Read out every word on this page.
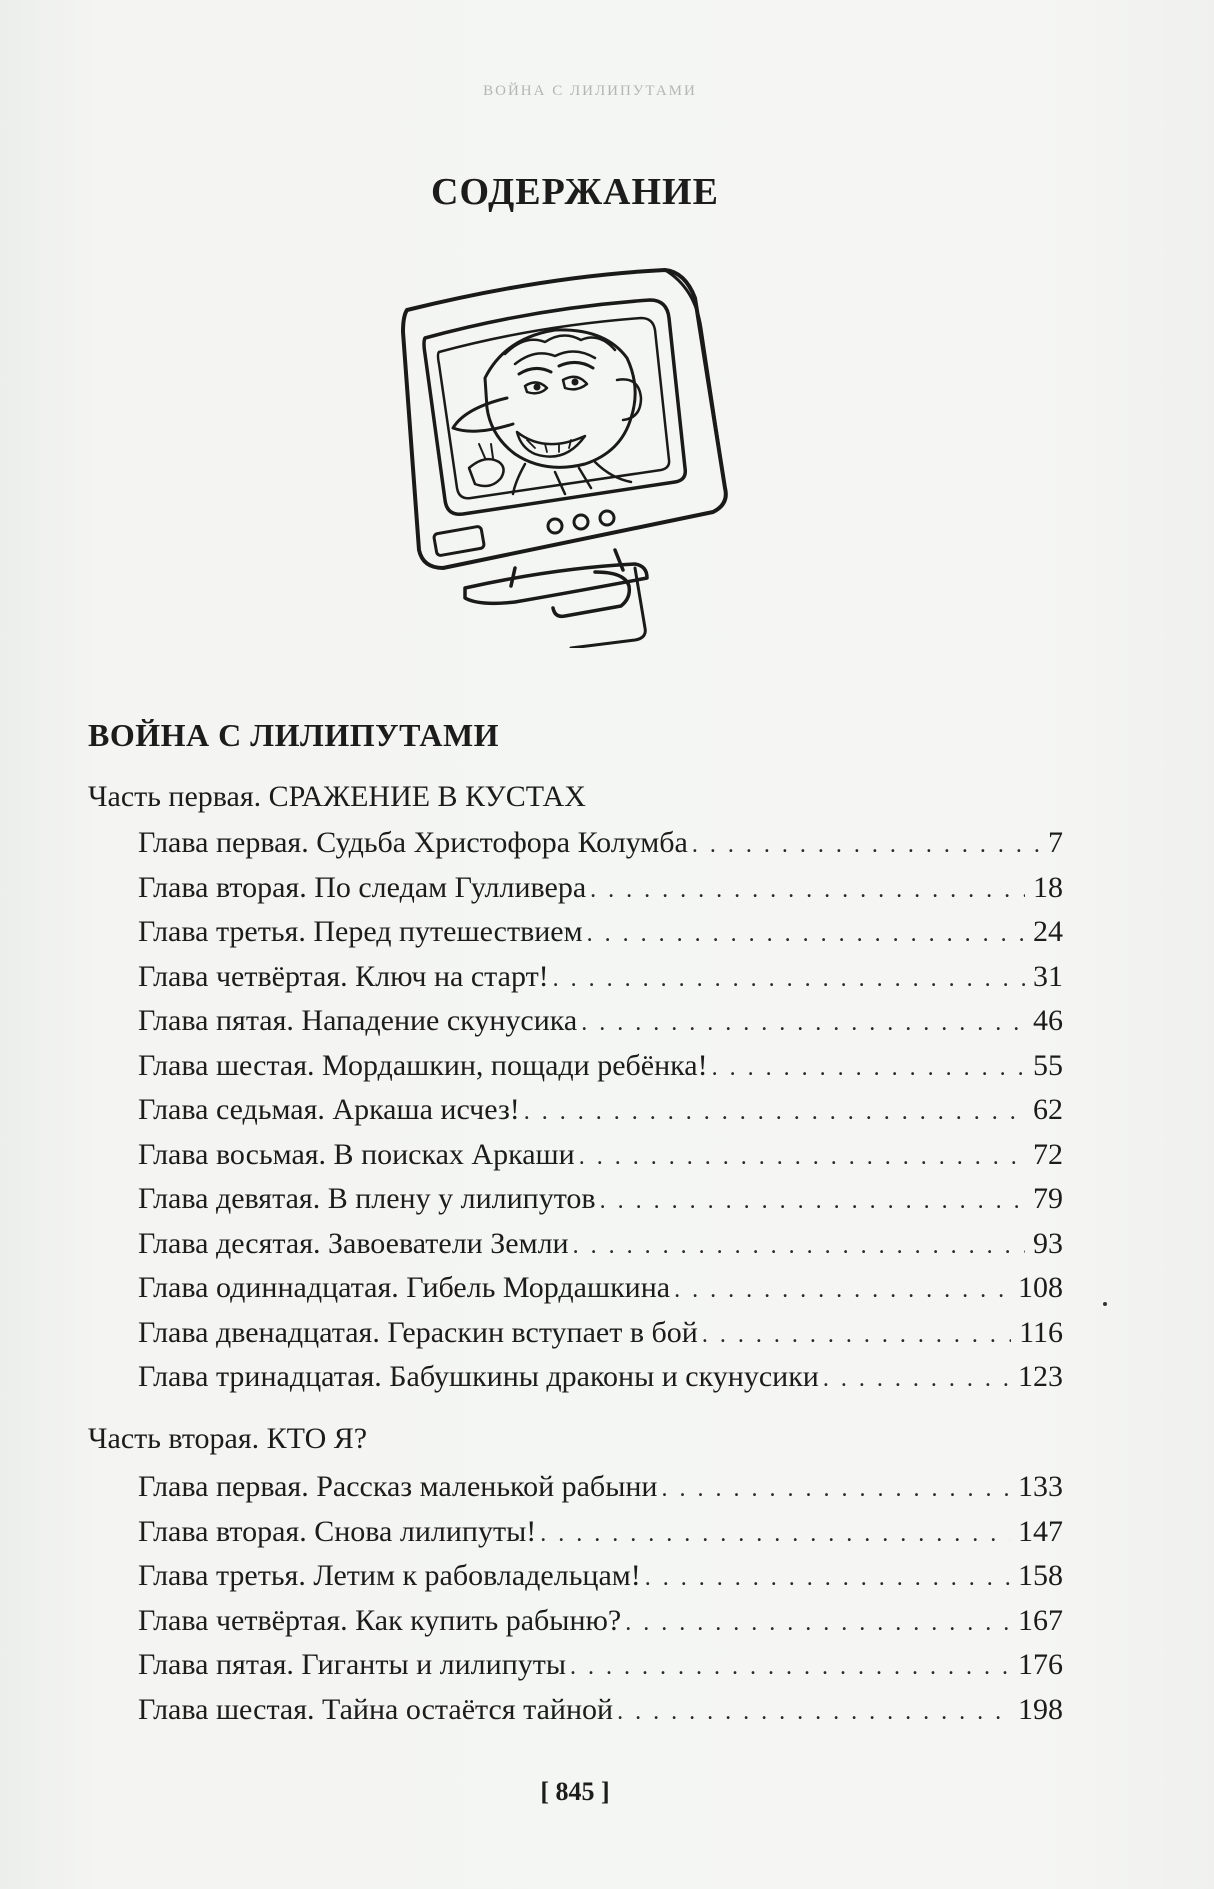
ВОЙНА С ЛИЛИПУТАМИ
СОДЕРЖАНИЕ
ВОЙНА С ЛИЛИПУТАМИ
Часть первая. СРАЖЕНИЕ В КУСТАХ
Глава первая. Судьба Христофора Колумба . . .	7
Глава вторая. По следам Гулливера . . .	18
Глава третья. Перед путешествием . . .	24
Глава четвёртая. Ключ на старт! . . .	31
Глава пятая. Нападение скунусика . . .	46
Глава шестая. Мордашкин, пощади ребёнка! . . .	55
Глава седьмая. Аркаша исчез! . . .	62
Глава восьмая. В поисках Аркаши . . .	72
Глава девятая. В плену у лилипутов . . .	79
Глава десятая. Завоеватели Земли . . .	93
Глава одиннадцатая. Гибель Мордашкина . . .	108
Глава двенадцатая. Гераскин вступает в бой . . .	116
Глава тринадцатая. Бабушкины драконы и скунусики . . .	123
Часть вторая. КТО Я?
Глава первая. Рассказ маленькой рабыни . . .	133
Глава вторая. Снова лилипуты! . . .	147
Глава третья. Летим к рабовладельцам! . . .	158
Глава четвёртая. Как купить рабыню? . . .	167
Глава пятая. Гиганты и лилипуты . . .	176
Глава шестая. Тайна остаётся тайной . . .	198
[ 845 ]
